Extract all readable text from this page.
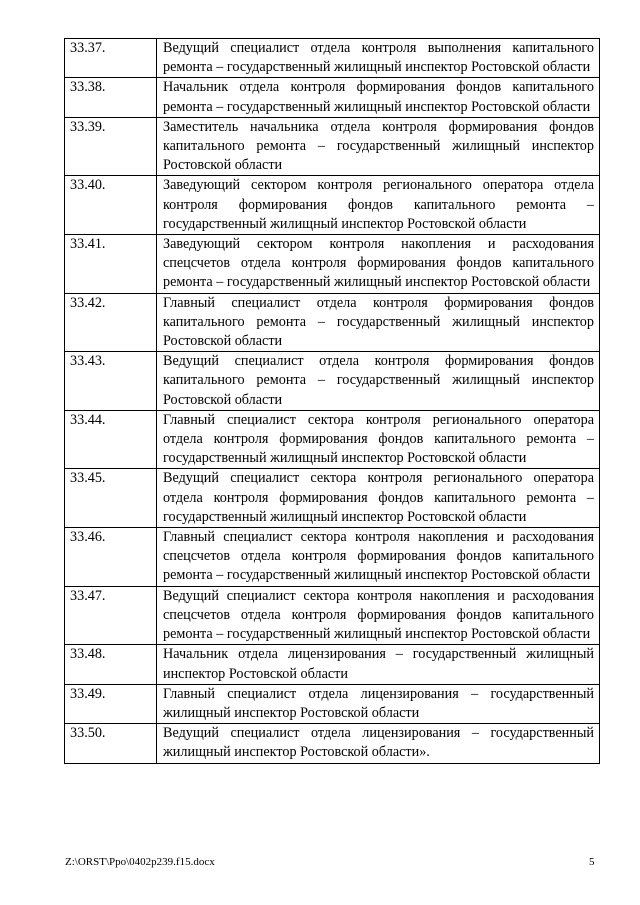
33.37.	Ведущий специалист отдела контроля выполнения капитального ремонта – государственный жилищный инспектор Ростовской области
33.38.	Начальник отдела контроля формирования фондов капитального ремонта – государственный жилищный инспектор Ростовской области
33.39.	Заместитель начальника отдела контроля формирования фондов капитального ремонта – государственный жилищный инспектор Ростовской области
33.40.	Заведующий сектором контроля регионального оператора отдела контроля формирования фондов капитального ремонта – государственный жилищный инспектор Ростовской области
33.41.	Заведующий сектором контроля накопления и расходования спецсчетов отдела контроля формирования фондов капитального ремонта – государственный жилищный инспектор Ростовской области
33.42.	Главный специалист отдела контроля формирования фондов капитального ремонта – государственный жилищный инспектор Ростовской области
33.43.	Ведущий специалист отдела контроля формирования фондов капитального ремонта – государственный жилищный инспектор Ростовской области
33.44.	Главный специалист сектора контроля регионального оператора отдела контроля формирования фондов капитального ремонта – государственный жилищный инспектор Ростовской области
33.45.	Ведущий специалист сектора контроля регионального оператора отдела контроля формирования фондов капитального ремонта – государственный жилищный инспектор Ростовской области
33.46.	Главный специалист сектора контроля накопления и расходования спецсчетов отдела контроля формирования фондов капитального ремонта – государственный жилищный инспектор Ростовской области
33.47.	Ведущий специалист сектора контроля накопления и расходования спецсчетов отдела контроля формирования фондов капитального ремонта – государственный жилищный инспектор Ростовской области
33.48.	Начальник отдела лицензирования – государственный жилищный инспектор Ростовской области
33.49.	Главный специалист отдела лицензирования – государственный жилищный инспектор Ростовской области
33.50.	Ведущий специалист отдела лицензирования – государственный жилищный инспектор Ростовской области».
Z:\ORST\Ppo\0402p239.f15.docx	5
